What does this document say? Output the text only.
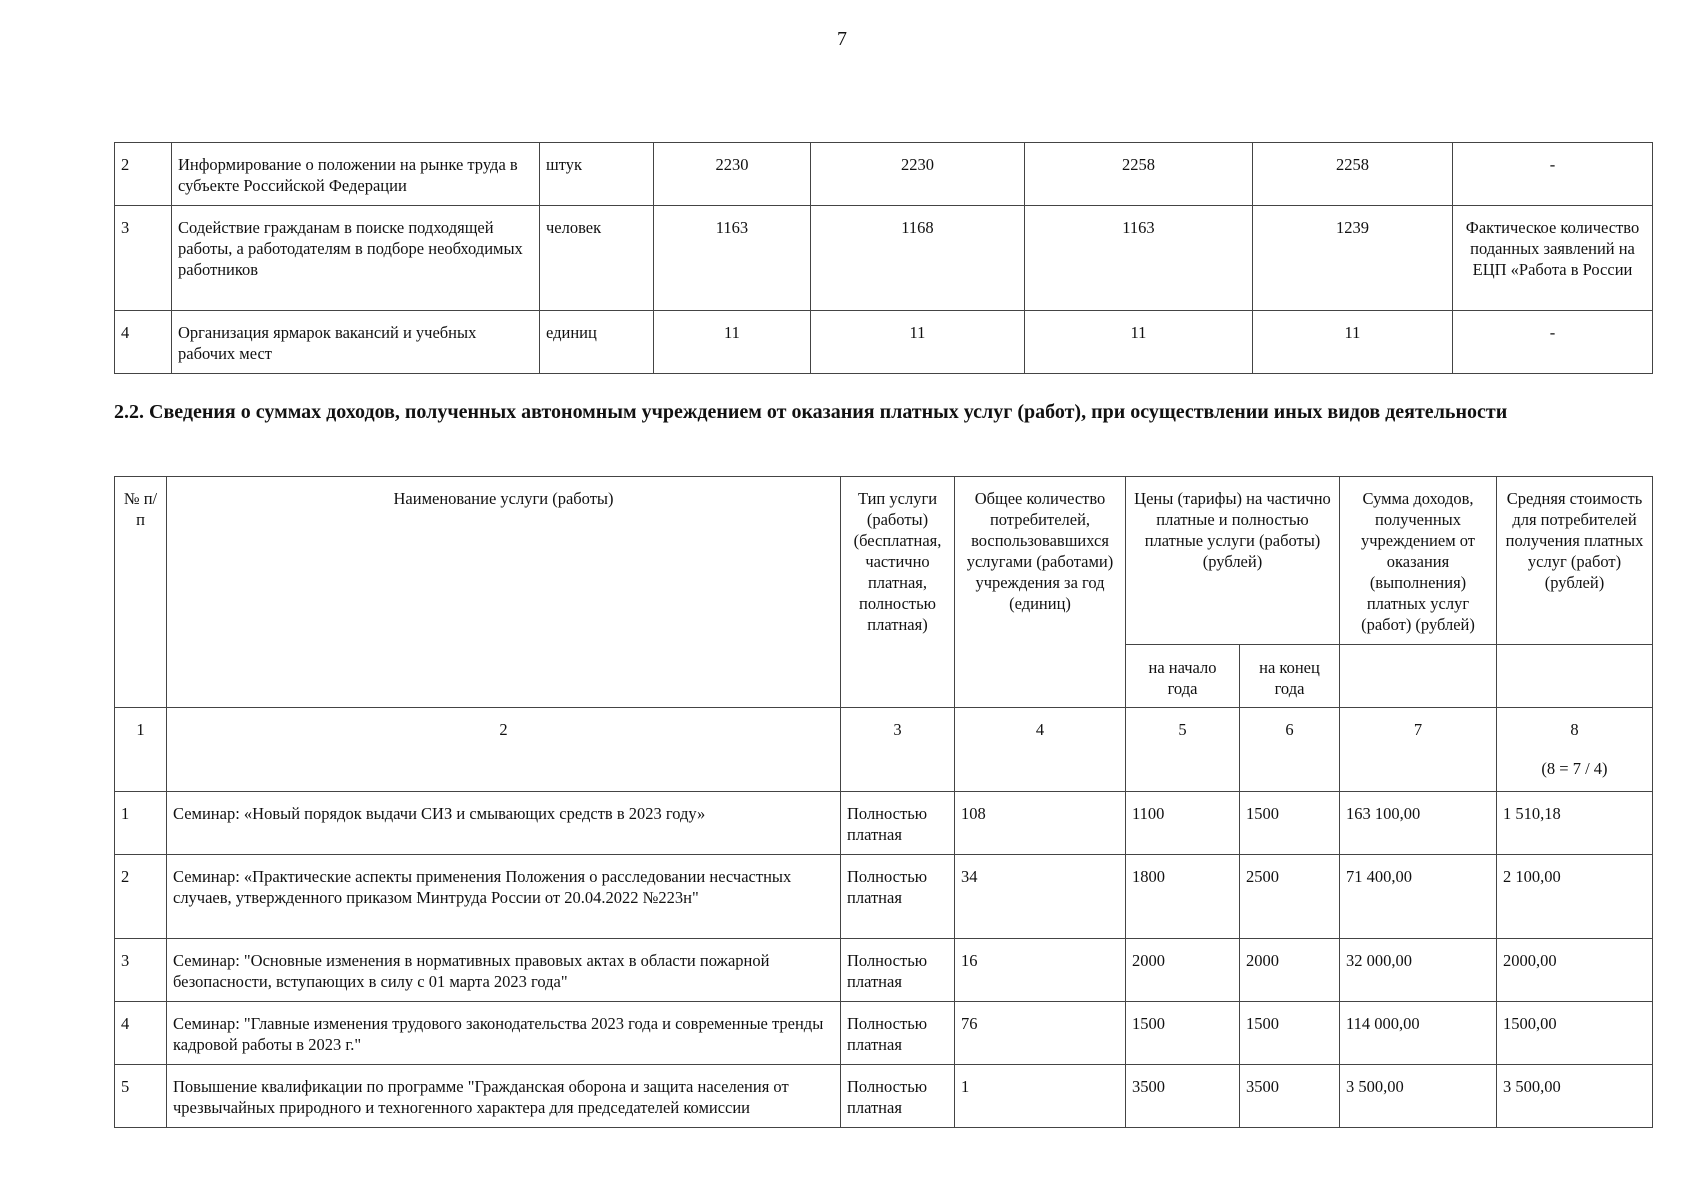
7
2	Информирование о положении на рынке труда в субъекте Российской Федерации	штук	2230	2230	2258	2258	-
3	Содействие гражданам в поиске подходящей работы, а работодателям в подборе необходимых работников	человек	1163	1168	1163	1239	Фактическое количество поданных заявлений на ЕЦП «Работа в России
4	Организация ярмарок вакансий и учебных рабочих мест	единиц	11	11	11	11	-

2.2. Сведения о суммах доходов, полученных автономным учреждением от оказания платных услуг (работ), при осуществлении иных видов деятельности

№ п/п	Наименование услуги (работы)	Тип услуги (работы) (бесплатная, частично платная, полностью платная)	Общее количество потребителей, воспользовавшихся услугами (работами) учреждения за год (единиц)	Цены (тарифы) на частично платные и полностью платные услуги (работы) (рублей)		Сумма доходов, полученных учреждением от оказания (выполнения) платных услуг (работ) (рублей)	Средняя стоимость для потребителей получения платных услуг (работ) (рублей)
				на начало года	на конец года		
1	2	3	4	5	6	7	8
(8 = 7 / 4)

1	Семинар: «Новый порядок выдачи СИЗ и смывающих средств в 2023 году»	Полностью платная	108	1100	1500	163 100,00	1 510,18
2	Семинар: «Практические аспекты применения Положения о расследовании несчастных случаев, утвержденного приказом Минтруда России от 20.04.2022 №223н"	Полностью платная	34	1800	2500	71 400,00	2 100,00
3	Семинар: "Основные изменения в нормативных правовых актах в области пожарной безопасности, вступающих в силу с 01 марта 2023 года"	Полностью платная	16	2000	2000	32 000,00	2000,00
4	Семинар: "Главные изменения трудового законодательства 2023 года и современные тренды кадровой работы в 2023 г."	Полностью платная	76	1500	1500	114 000,00	1500,00
5	Повышение квалификации по программе "Гражданская оборона и защита населения от чрезвычайных природного и техногенного характера для председателей комиссии	Полностью платная	1	3500	3500	3 500,00	3 500,00
